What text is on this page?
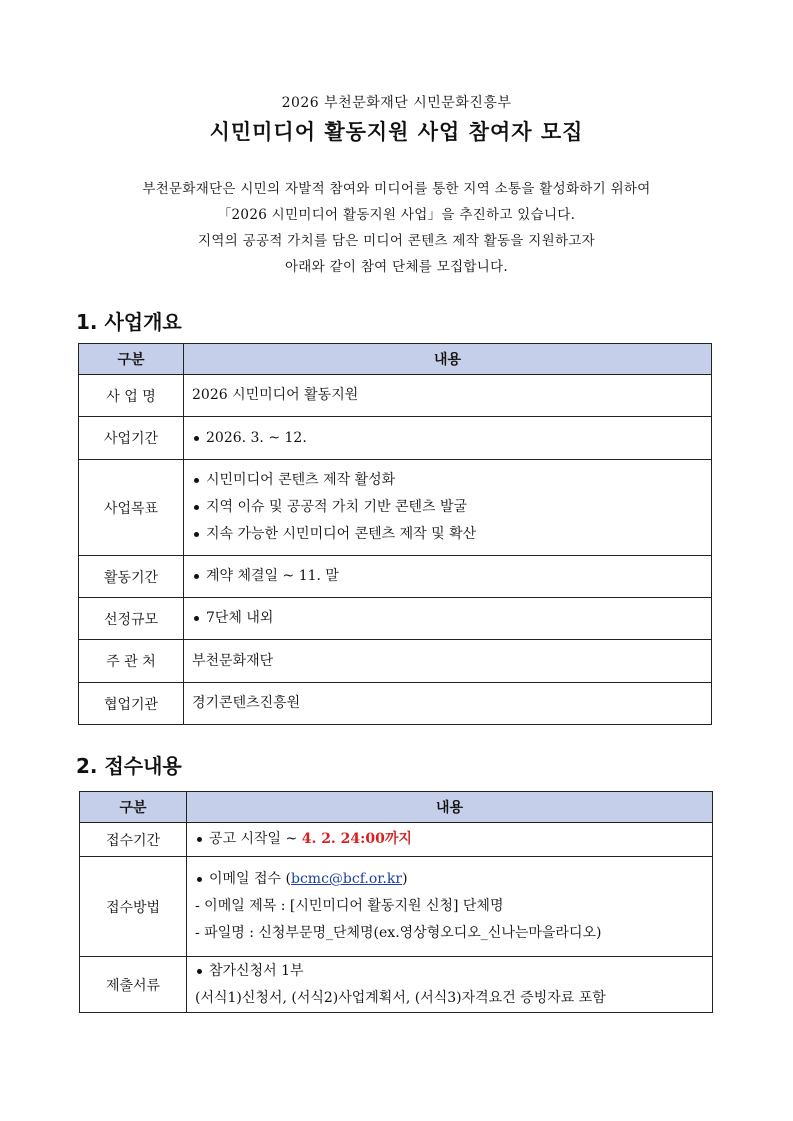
2026 부천문화재단 시민문화진흥부
시민미디어 활동지원 사업 참여자 모집
부천문화재단은 시민의 자발적 참여와 미디어를 통한 지역 소통을 활성화하기 위하여
「2026 시민미디어 활동지원 사업」을 추진하고 있습니다.
지역의 공공적 가치를 담은 미디어 콘텐츠 제작 활동을 지원하고자
아래와 같이 참여 단체를 모집합니다.
1. 사업개요
구분	내용
사 업 명	2026 시민미디어 활동지원

사업기간	2026. 3. ~ 12.

사업목표	시민미디어 콘텐츠 제작 활성화
지역 이슈 및 공공적 가치 기반 콘텐츠 발굴
지속 가능한 시민미디어 콘텐츠 제작 및 확산

활동기간	계약 체결일 ~ 11. 말

선정규모	7단체 내외

주 관 처	부천문화재단

협업기관	경기콘텐츠진흥원
2. 접수내용
구분	내용
접수기간	공고 시작일 ~ 4. 2. 24:00까지

접수방법	이메일 접수 (bcmc@bcf.or.kr)
- 이메일 제목 : [시민미디어 활동지원 신청] 단체명
- 파일명 : 신청부문명_단체명(ex.영상형오디오_신나는마을라디오)

제출서류	참가신청서 1부
(서식1)신청서, (서식2)사업계획서, (서식3)자격요건 증빙자료 포함
